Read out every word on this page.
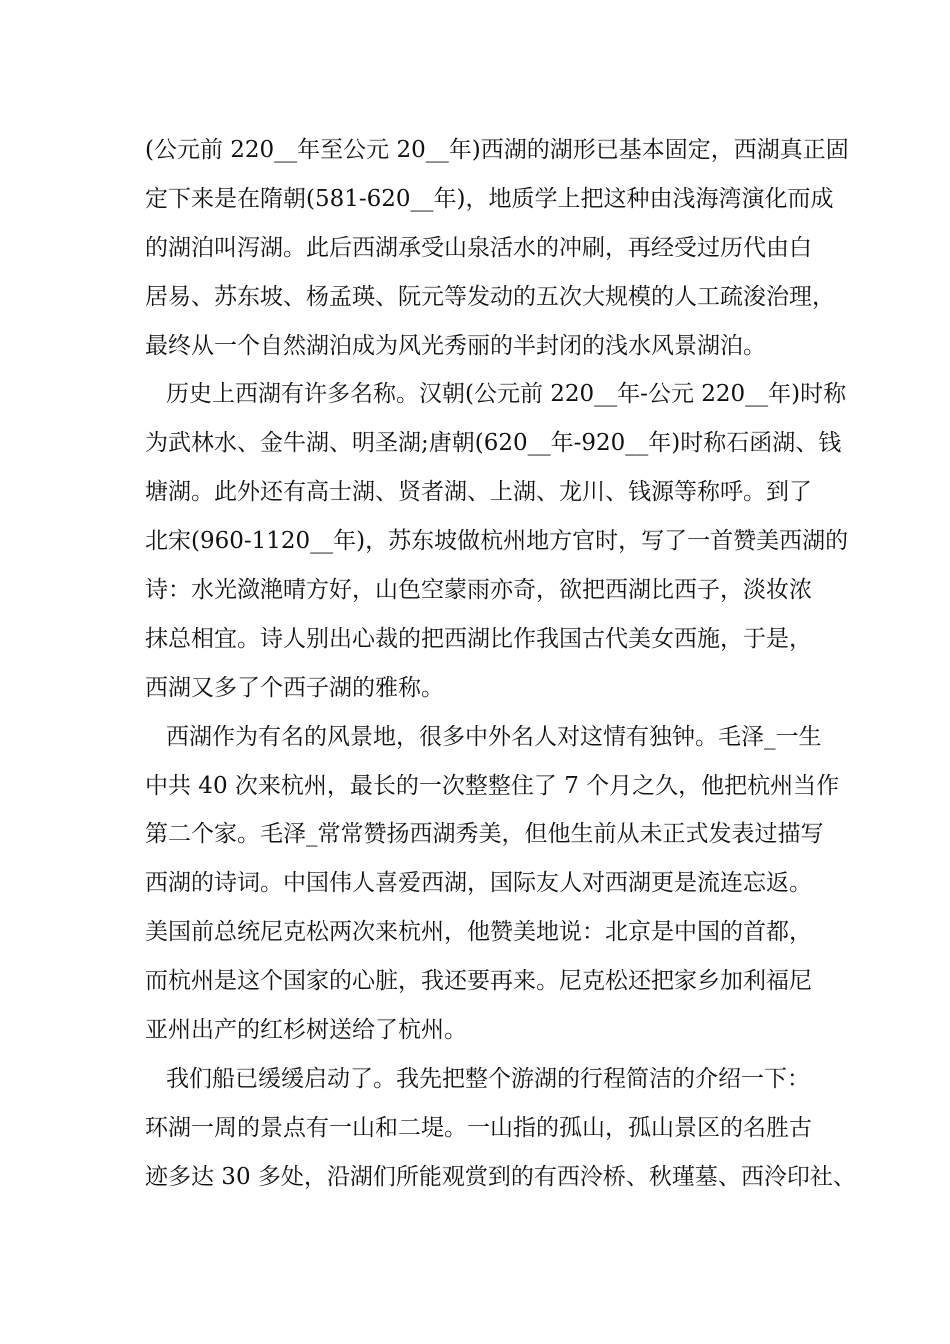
(公元前 220__年至公元 20__年)西湖的湖形已基本固定，西湖真正固
定下来是在隋朝(581-620__年)，地质学上把这种由浅海湾演化而成
的湖泊叫泻湖。此后西湖承受山泉活水的冲刷，再经受过历代由白
居易、苏东坡、杨孟瑛、阮元等发动的五次大规模的人工疏浚治理，
最终从一个自然湖泊成为风光秀丽的半封闭的浅水风景湖泊。
历史上西湖有许多名称。汉朝(公元前 220__年-公元 220__年)时称
为武林水、金牛湖、明圣湖;唐朝(620__年-920__年)时称石函湖、钱
塘湖。此外还有高士湖、贤者湖、上湖、龙川、钱源等称呼。到了
北宋(960-1120__年)，苏东坡做杭州地方官时，写了一首赞美西湖的
诗：水光潋滟晴方好，山色空蒙雨亦奇，欲把西湖比西子，淡妆浓
抹总相宜。诗人别出心裁的把西湖比作我国古代美女西施，于是，
西湖又多了个西子湖的雅称。
西湖作为有名的风景地，很多中外名人对这情有独钟。毛泽_一生
中共 40 次来杭州，最长的一次整整住了 7 个月之久，他把杭州当作
第二个家。毛泽_常常赞扬西湖秀美，但他生前从未正式发表过描写
西湖的诗词。中国伟人喜爱西湖，国际友人对西湖更是流连忘返。
美国前总统尼克松两次来杭州，他赞美地说：北京是中国的首都，
而杭州是这个国家的心脏，我还要再来。尼克松还把家乡加利福尼
亚州出产的红杉树送给了杭州。
我们船已缓缓启动了。我先把整个游湖的行程简洁的介绍一下：
环湖一周的景点有一山和二堤。一山指的孤山，孤山景区的名胜古
迹多达 30 多处，沿湖们所能观赏到的有西泠桥、秋瑾墓、西泠印社、
